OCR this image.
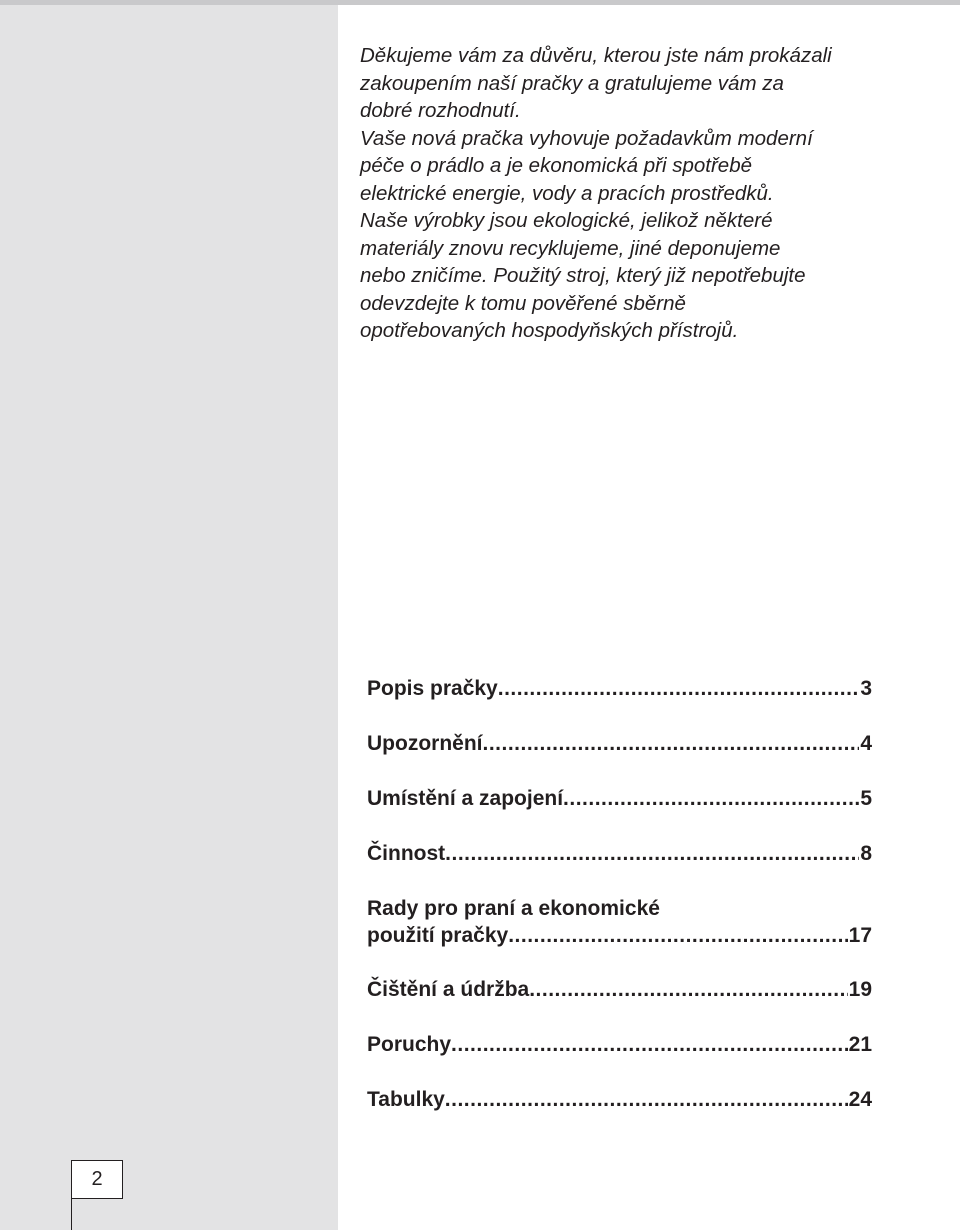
Děkujeme vám za důvěru, kterou jste nám prokázali
zakoupením naší pračky a gratulujeme vám za
dobré rozhodnutí.
Vaše nová pračka vyhovuje požadavkům moderní
péče o prádlo a je ekonomická při spotřebě
elektrické energie, vody a pracích prostředků.
Naše výrobky jsou ekologické, jelikož některé
materiály znovu recyklujeme, jiné deponujeme
nebo zničíme. Použitý stroj, který již nepotřebujte
odevzdejte k tomu pověřené sběrně
opotřebovaných hospodyňských přístrojů.

Popis pračky .....	3
Upozornění .....	4
Umístění a zapojení .....	5
Činnost .....	8
Rady pro praní a ekonomické
použití pračky .....	17
Čištění a údržba .....	19
Poruchy .....	21
Tabulky .....	24
2
